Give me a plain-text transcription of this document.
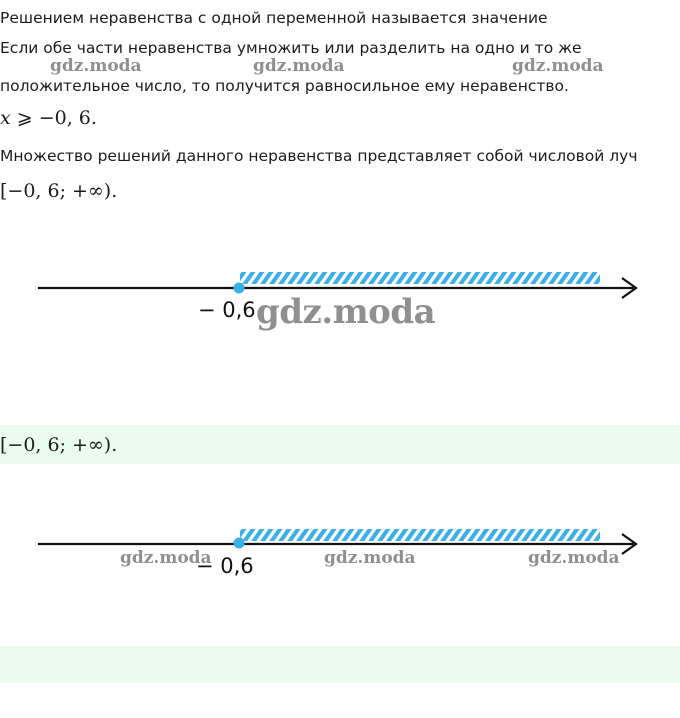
Решением неравенства с одной переменной называется значение
Если обе части неравенства умножить или разделить на одно и то же
положительное число, то получится равносильное ему неравенство.
x ⩾ −0, 6.
Множество решений данного неравенства представляет собой числовой луч
[−0, 6; +∞).
gdz.moda	gdz.moda	gdz.moda
− 0,6 gdz.moda
[−0, 6; +∞).
− 0,6
gdz.moda	gdz.moda	gdz.moda
